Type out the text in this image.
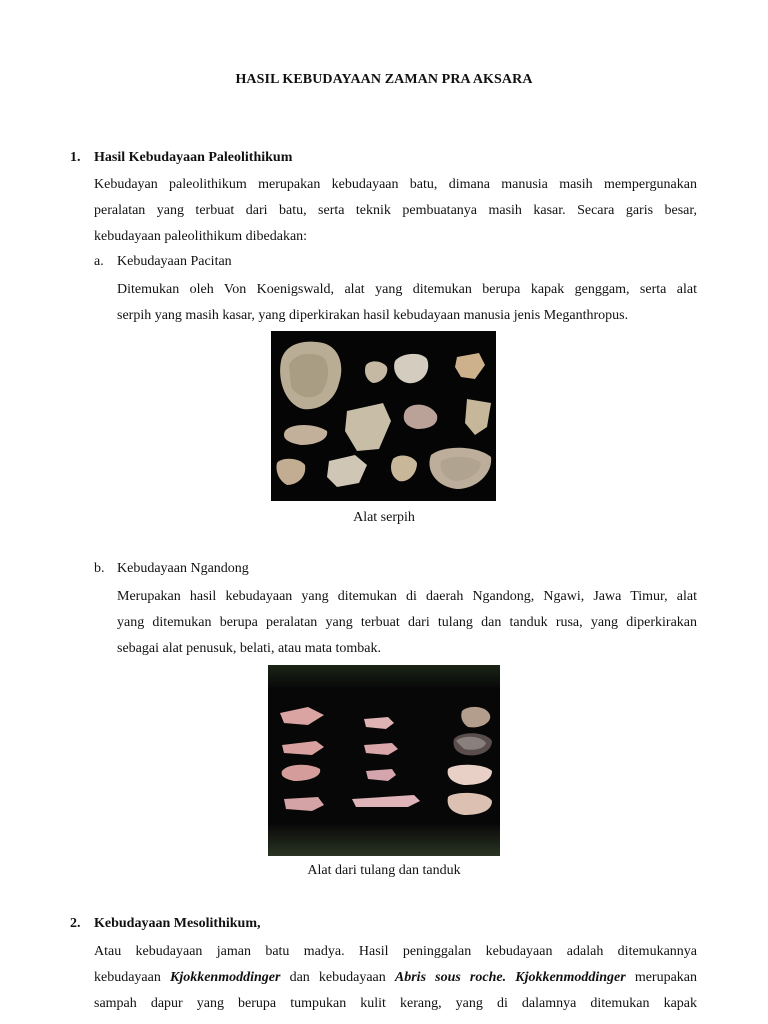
HASIL KEBUDAYAAN ZAMAN PRA AKSARA
1. Hasil Kebudayaan Paleolithikum
Kebudayan paleolithikum merupakan kebudayaan batu, dimana manusia masih mempergunakan
peralatan yang terbuat dari batu, serta teknik pembuatanya masih kasar. Secara garis besar,
kebudayaan paleolithikum dibedakan:
a. Kebudayaan Pacitan
Ditemukan oleh Von Koenigswald, alat yang ditemukan berupa kapak genggam, serta alat
serpih yang masih kasar, yang diperkirakan hasil kebudayaan manusia jenis Meganthropus.
Alat serpih
b. Kebudayaan Ngandong
Merupakan hasil kebudayaan yang ditemukan di daerah Ngandong, Ngawi, Jawa Timur, alat
yang ditemukan berupa peralatan yang terbuat dari tulang dan tanduk rusa, yang diperkirakan
sebagai alat penusuk, belati, atau mata tombak.
Alat dari tulang dan tanduk
2. Kebudayaan Mesolithikum,
Atau kebudayaan jaman batu madya. Hasil peninggalan kebudayaan adalah ditemukannya
kebudayaan Kjokkenmoddinger dan kebudayaan Abris sous roche. Kjokkenmoddinger merupakan
sampah dapur yang berupa tumpukan kulit kerang, yang di dalamnya ditemukan kapak
